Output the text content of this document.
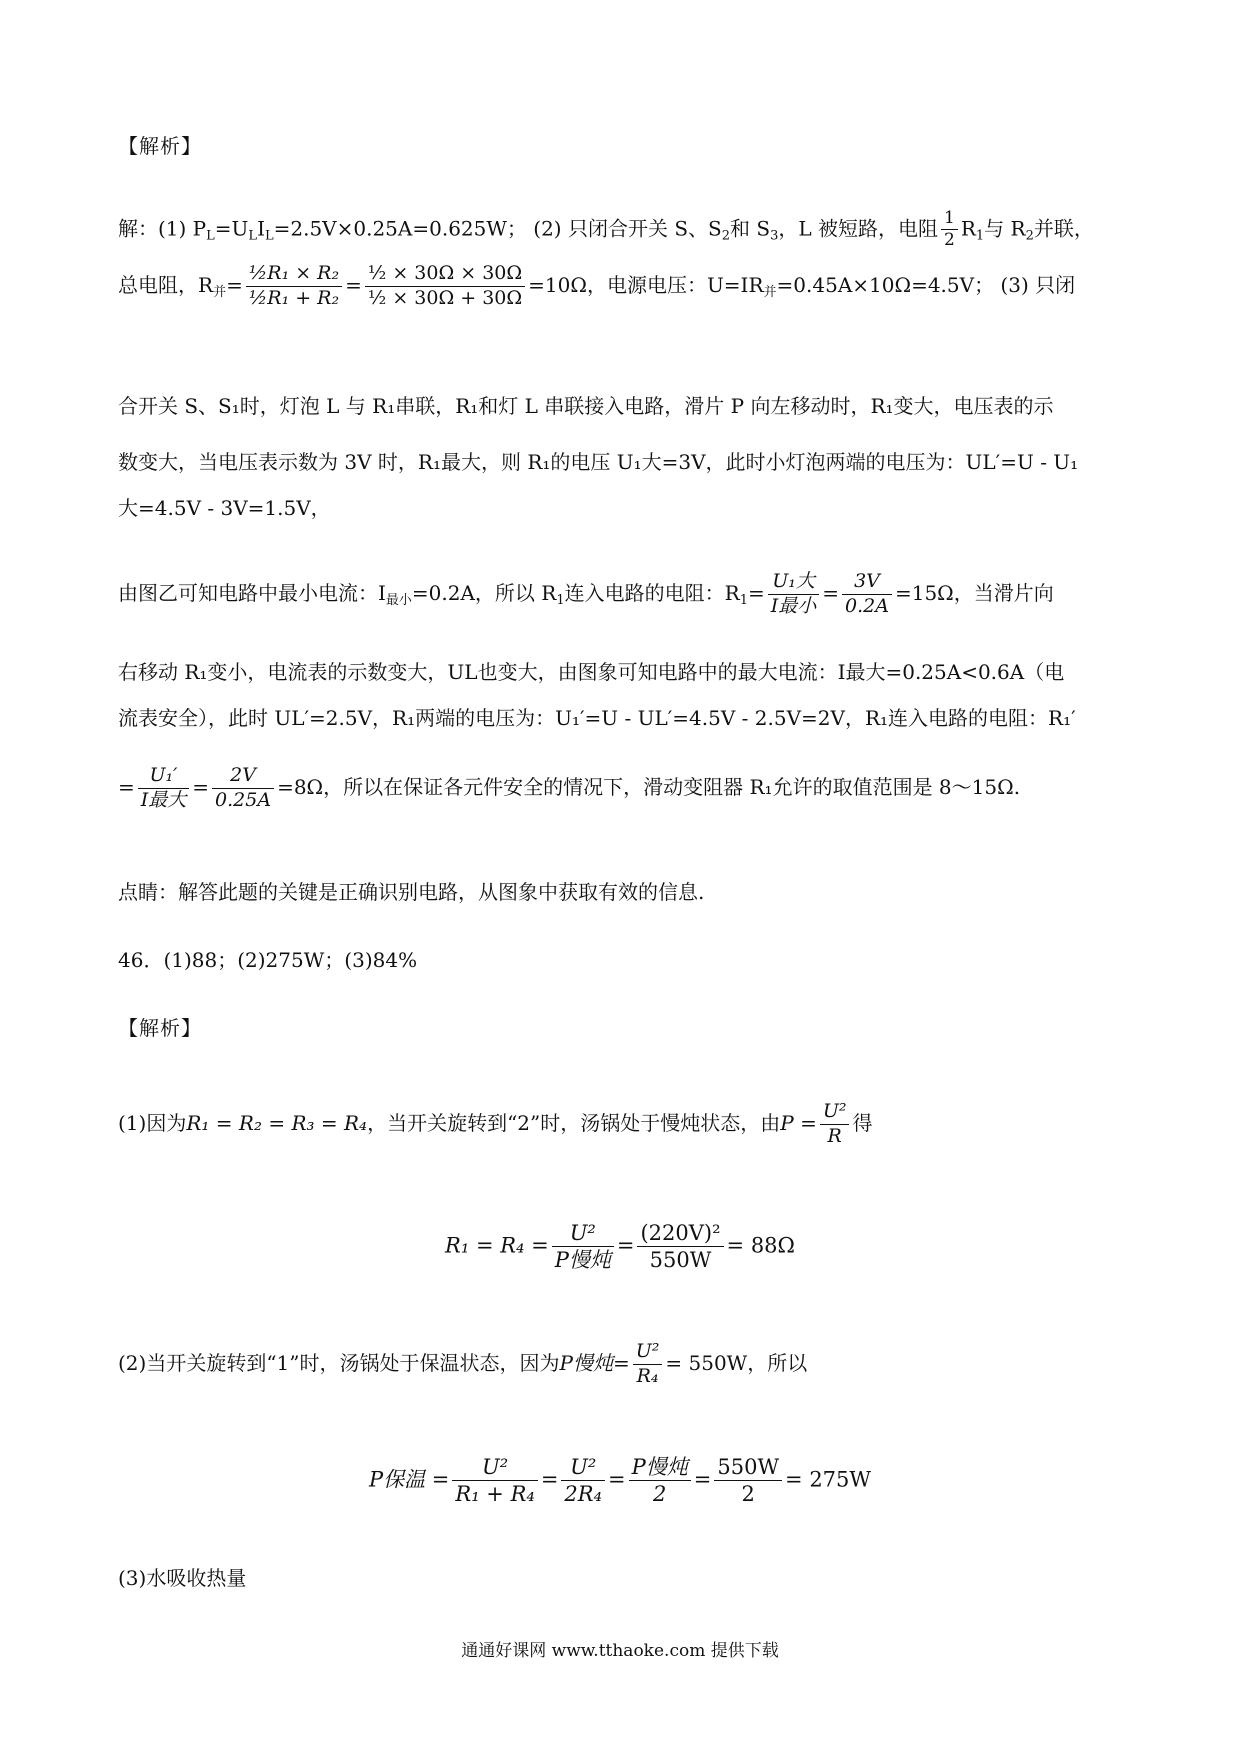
【解析】
解：(1) $P_L=U_LI_L=2.5V\times 0.25A=0.625W$； (2) 只闭合开关 S、$S_2$和 $S_3$，L 被短路，电阻 $\frac{1}{2} R_1$与 $R_2$并联，
总电阻，$R_并= \frac{\text{½R₁ × R₂}}{\text{½R₁ + R₂}} = \frac{\text{½ × 30Ω × 30Ω}}{\text{½ × 30Ω + 30Ω}} =10\Omega$，电源电压：$U=IR_并=0.45A\times 10\Omega=4.5V$； (3) 只闭
合开关 S、S₁时，灯泡 L 与 R₁串联，R₁和灯 L 串联接入电路，滑片 P 向左移动时，R₁变大，电压表的示
数变大，当电压表示数为 3V 时，R₁最大，则 R₁的电压 U₁大=3V，此时小灯泡两端的电压为：UL′=U - U₁
大=4.5V - 3V=1.5V，
由图乙可知电路中最小电流：$I_{最小}=0.2A$，所以 $R_1$连入电路的电阻：$R_1= \frac{\text{U₁大}}{\text{I最小}} = \frac{3V}{0.2A} =15\Omega$，当滑片向
右移动 R₁变小，电流表的示数变大，UL也变大，由图象可知电路中的最大电流：I最大=0.25A<0.6A（电
流表安全），此时 UL′=2.5V，R₁两端的电压为：U₁′=U - UL′=4.5V - 2.5V=2V，R₁连入电路的电阻：R₁′
= $\frac{\text{U₁′}}{\text{I最大}} = \frac{2V}{0.25A} =8\Omega$，所以在保证各元件安全的情况下，滑动变阻器 R₁允许的取值范围是 8～15Ω.
点睛：解答此题的关键是正确识别电路，从图象中获取有效的信息.
46．(1)88；(2)275W；(3)84%
【解析】
(1)因为R₁ = R₂ = R₃ = R₄，当开关旋转到“2”时，汤锅处于慢炖状态，由$P = \frac{\text{U²}}{R}$ 得
$R_1 = R_4 = \frac{\text{U²}}{\text{P慢炖}} = \frac{\text{(220V)²}}{550W} = 88\Omega$
(2)当开关旋转到“1”时，汤锅处于保温状态，因为P慢炖= $\frac{\text{U²}}{\text{R₄}} = 550W$，所以
P保温 = $\frac{\text{U²}}{\text{R₁ + R₄}} = \frac{\text{U²}}{\text{2R₄}} = \frac{\text{P慢炖}}{2} = \frac{550W}{2} = 275W$
(3)水吸收热量
通通好课网 www.tthaoke.com 提供下载
